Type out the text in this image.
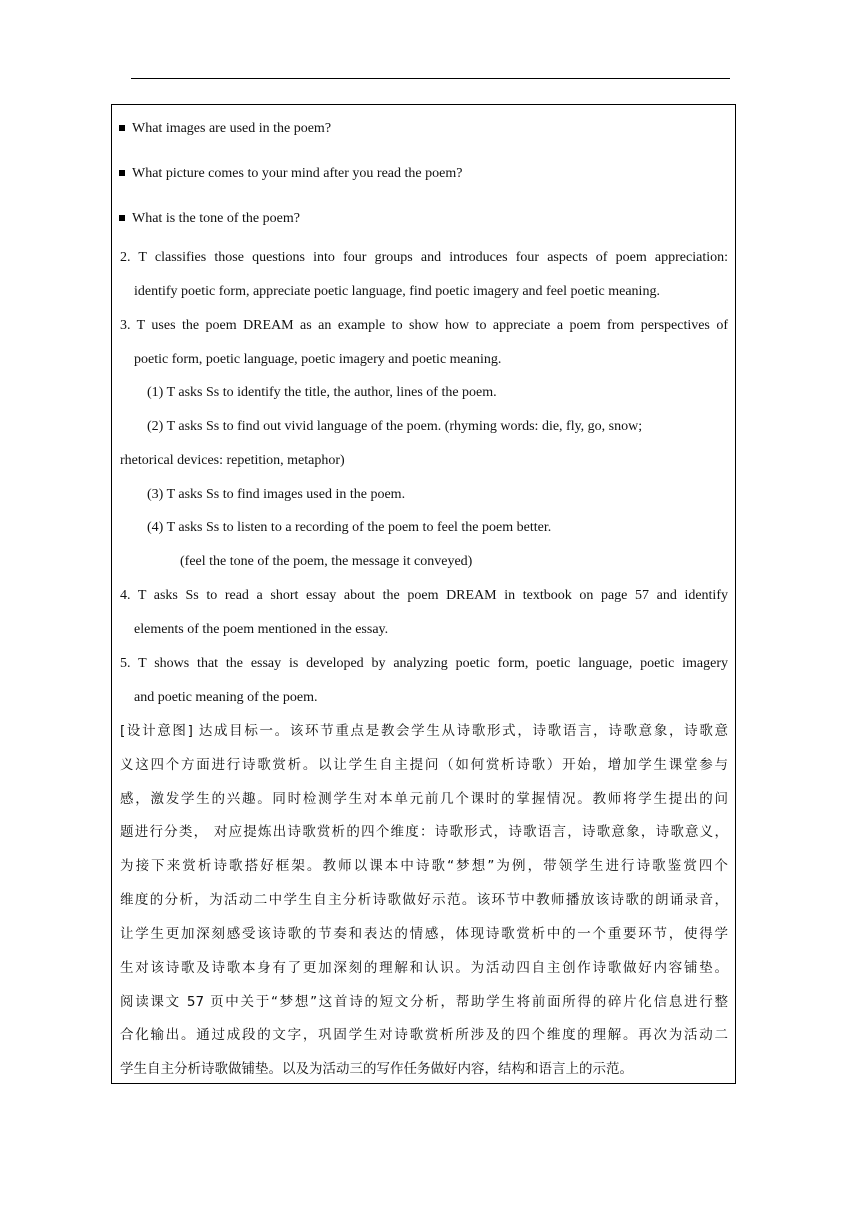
What images are used in the poem?
What picture comes to your mind after you read the poem?
What is the tone of the poem?
2. T classifies those questions into four groups and introduces four aspects of poem appreciation:
identify poetic form, appreciate poetic language, find poetic imagery and feel poetic meaning.
3. T uses the poem DREAM as an example to show how to appreciate a poem from perspectives of
poetic form, poetic language, poetic imagery and poetic meaning.
(1) T asks Ss to identify the title, the author, lines of the poem.
(2) T asks Ss to find out vivid language of the poem. (rhyming words: die, fly, go, snow;
rhetorical devices: repetition, metaphor)
(3) T asks Ss to find images used in the poem.
(4) T asks Ss to listen to a recording of the poem to feel the poem better.
(feel the tone of the poem, the message it conveyed)
4. T asks Ss to read a short essay about the poem DREAM in textbook on page 57 and identify
elements of the poem mentioned in the essay.
5. T shows that the essay is developed by analyzing poetic form, poetic language, poetic imagery
and poetic meaning of the poem.
[设计意图] 达成目标一。该环节重点是教会学生从诗歌形式，诗歌语言，诗歌意象，诗歌意
义这四个方面进行诗歌赏析。以让学生自主提问（如何赏析诗歌）开始，增加学生课堂参与
感，激发学生的兴趣。同时检测学生对本单元前几个课时的掌握情况。教师将学生提出的问
题进行分类， 对应提炼出诗歌赏析的四个维度：诗歌形式，诗歌语言，诗歌意象，诗歌意义，
为接下来赏析诗歌搭好框架。教师以课本中诗歌“梦想”为例，带领学生进行诗歌鉴赏四个
维度的分析，为活动二中学生自主分析诗歌做好示范。该环节中教师播放该诗歌的朗诵录音，
让学生更加深刻感受该诗歌的节奏和表达的情感，体现诗歌赏析中的一个重要环节，使得学
生对该诗歌及诗歌本身有了更加深刻的理解和认识。为活动四自主创作诗歌做好内容铺垫。
阅读课文 57 页中关于“梦想”这首诗的短文分析，帮助学生将前面所得的碎片化信息进行整
合化输出。通过成段的文字，巩固学生对诗歌赏析所涉及的四个维度的理解。再次为活动二
学生自主分析诗歌做铺垫。以及为活动三的写作任务做好内容，结构和语言上的示范。
